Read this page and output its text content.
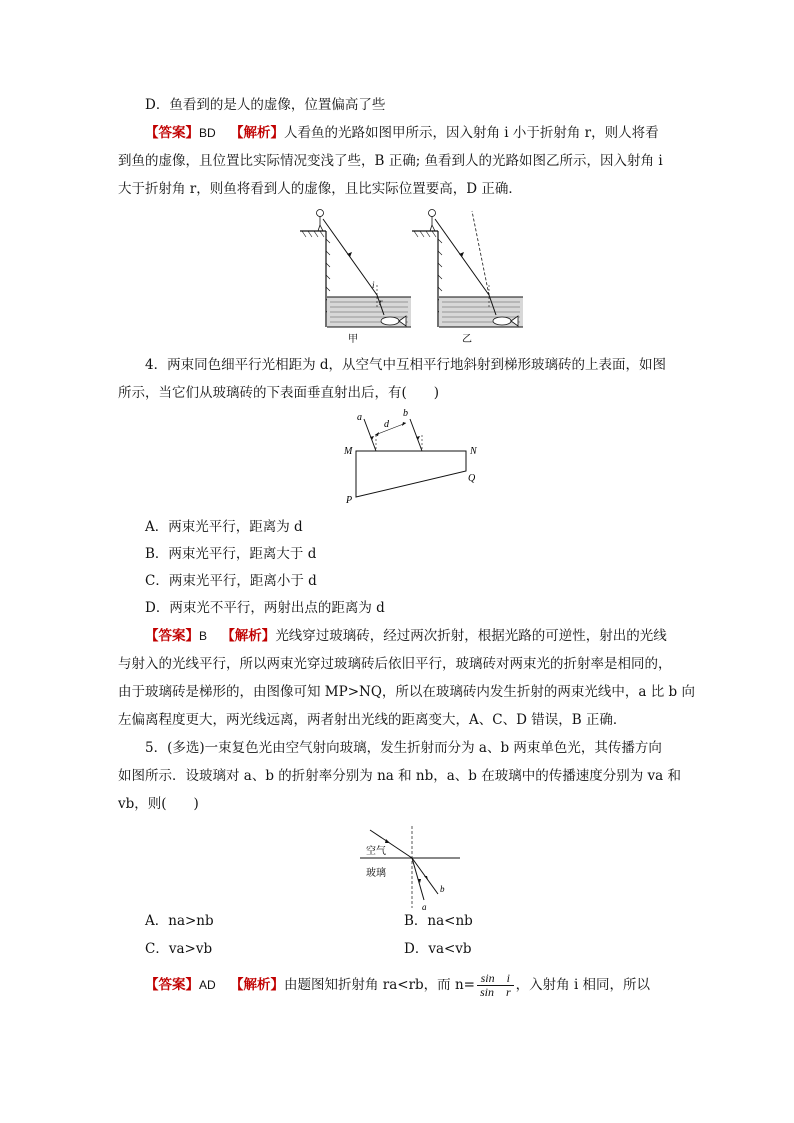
D．鱼看到的是人的虚像，位置偏高了些
【答案】BD 【解析】人看鱼的光路如图甲所示，因入射角 i 小于折射角 r，则人将看
到鱼的虚像，且位置比实际情况变浅了些，B 正确; 鱼看到人的光路如图乙所示，因入射角 i
大于折射角 r，则鱼将看到人的虚像，且比实际位置要高，D 正确．
i
r
甲	乙
4．两束同色细平行光相距为 d，从空气中互相平行地斜射到梯形玻璃砖的上表面，如图
所示，当它们从玻璃砖的下表面垂直射出后，有(　　)
a	b
d
M	N
P
Q
A．两束光平行，距离为 d
B．两束光平行，距离大于 d
C．两束光平行，距离小于 d
D．两束光不平行，两射出点的距离为 d
【答案】B 【解析】光线穿过玻璃砖，经过两次折射，根据光路的可逆性，射出的光线
与射入的光线平行，所以两束光穿过玻璃砖后依旧平行，玻璃砖对两束光的折射率是相同的，
由于玻璃砖是梯形的，由图像可知 MP>NQ，所以在玻璃砖内发生折射的两束光线中，a 比 b 向
左偏离程度更大，两光线远离，两者射出光线的距离变大，A、C、D 错误，B 正确．
5．(多选)一束复色光由空气射向玻璃，发生折射而分为 a、b 两束单色光，其传播方向
如图所示．设玻璃对 a、b 的折射率分别为 na 和 nb，a、b 在玻璃中的传播速度分别为 va 和
vb，则(　　)
空气
玻璃
a
b
A．na>nb	B．na<nb
C．va>vb	D．va<vb
【答案】AD 【解析】由题图知折射角 ra<rb，而 $n= \frac{\text{sin　i}}{\text{sin　r}}$ ，入射角 i 相同，所以
